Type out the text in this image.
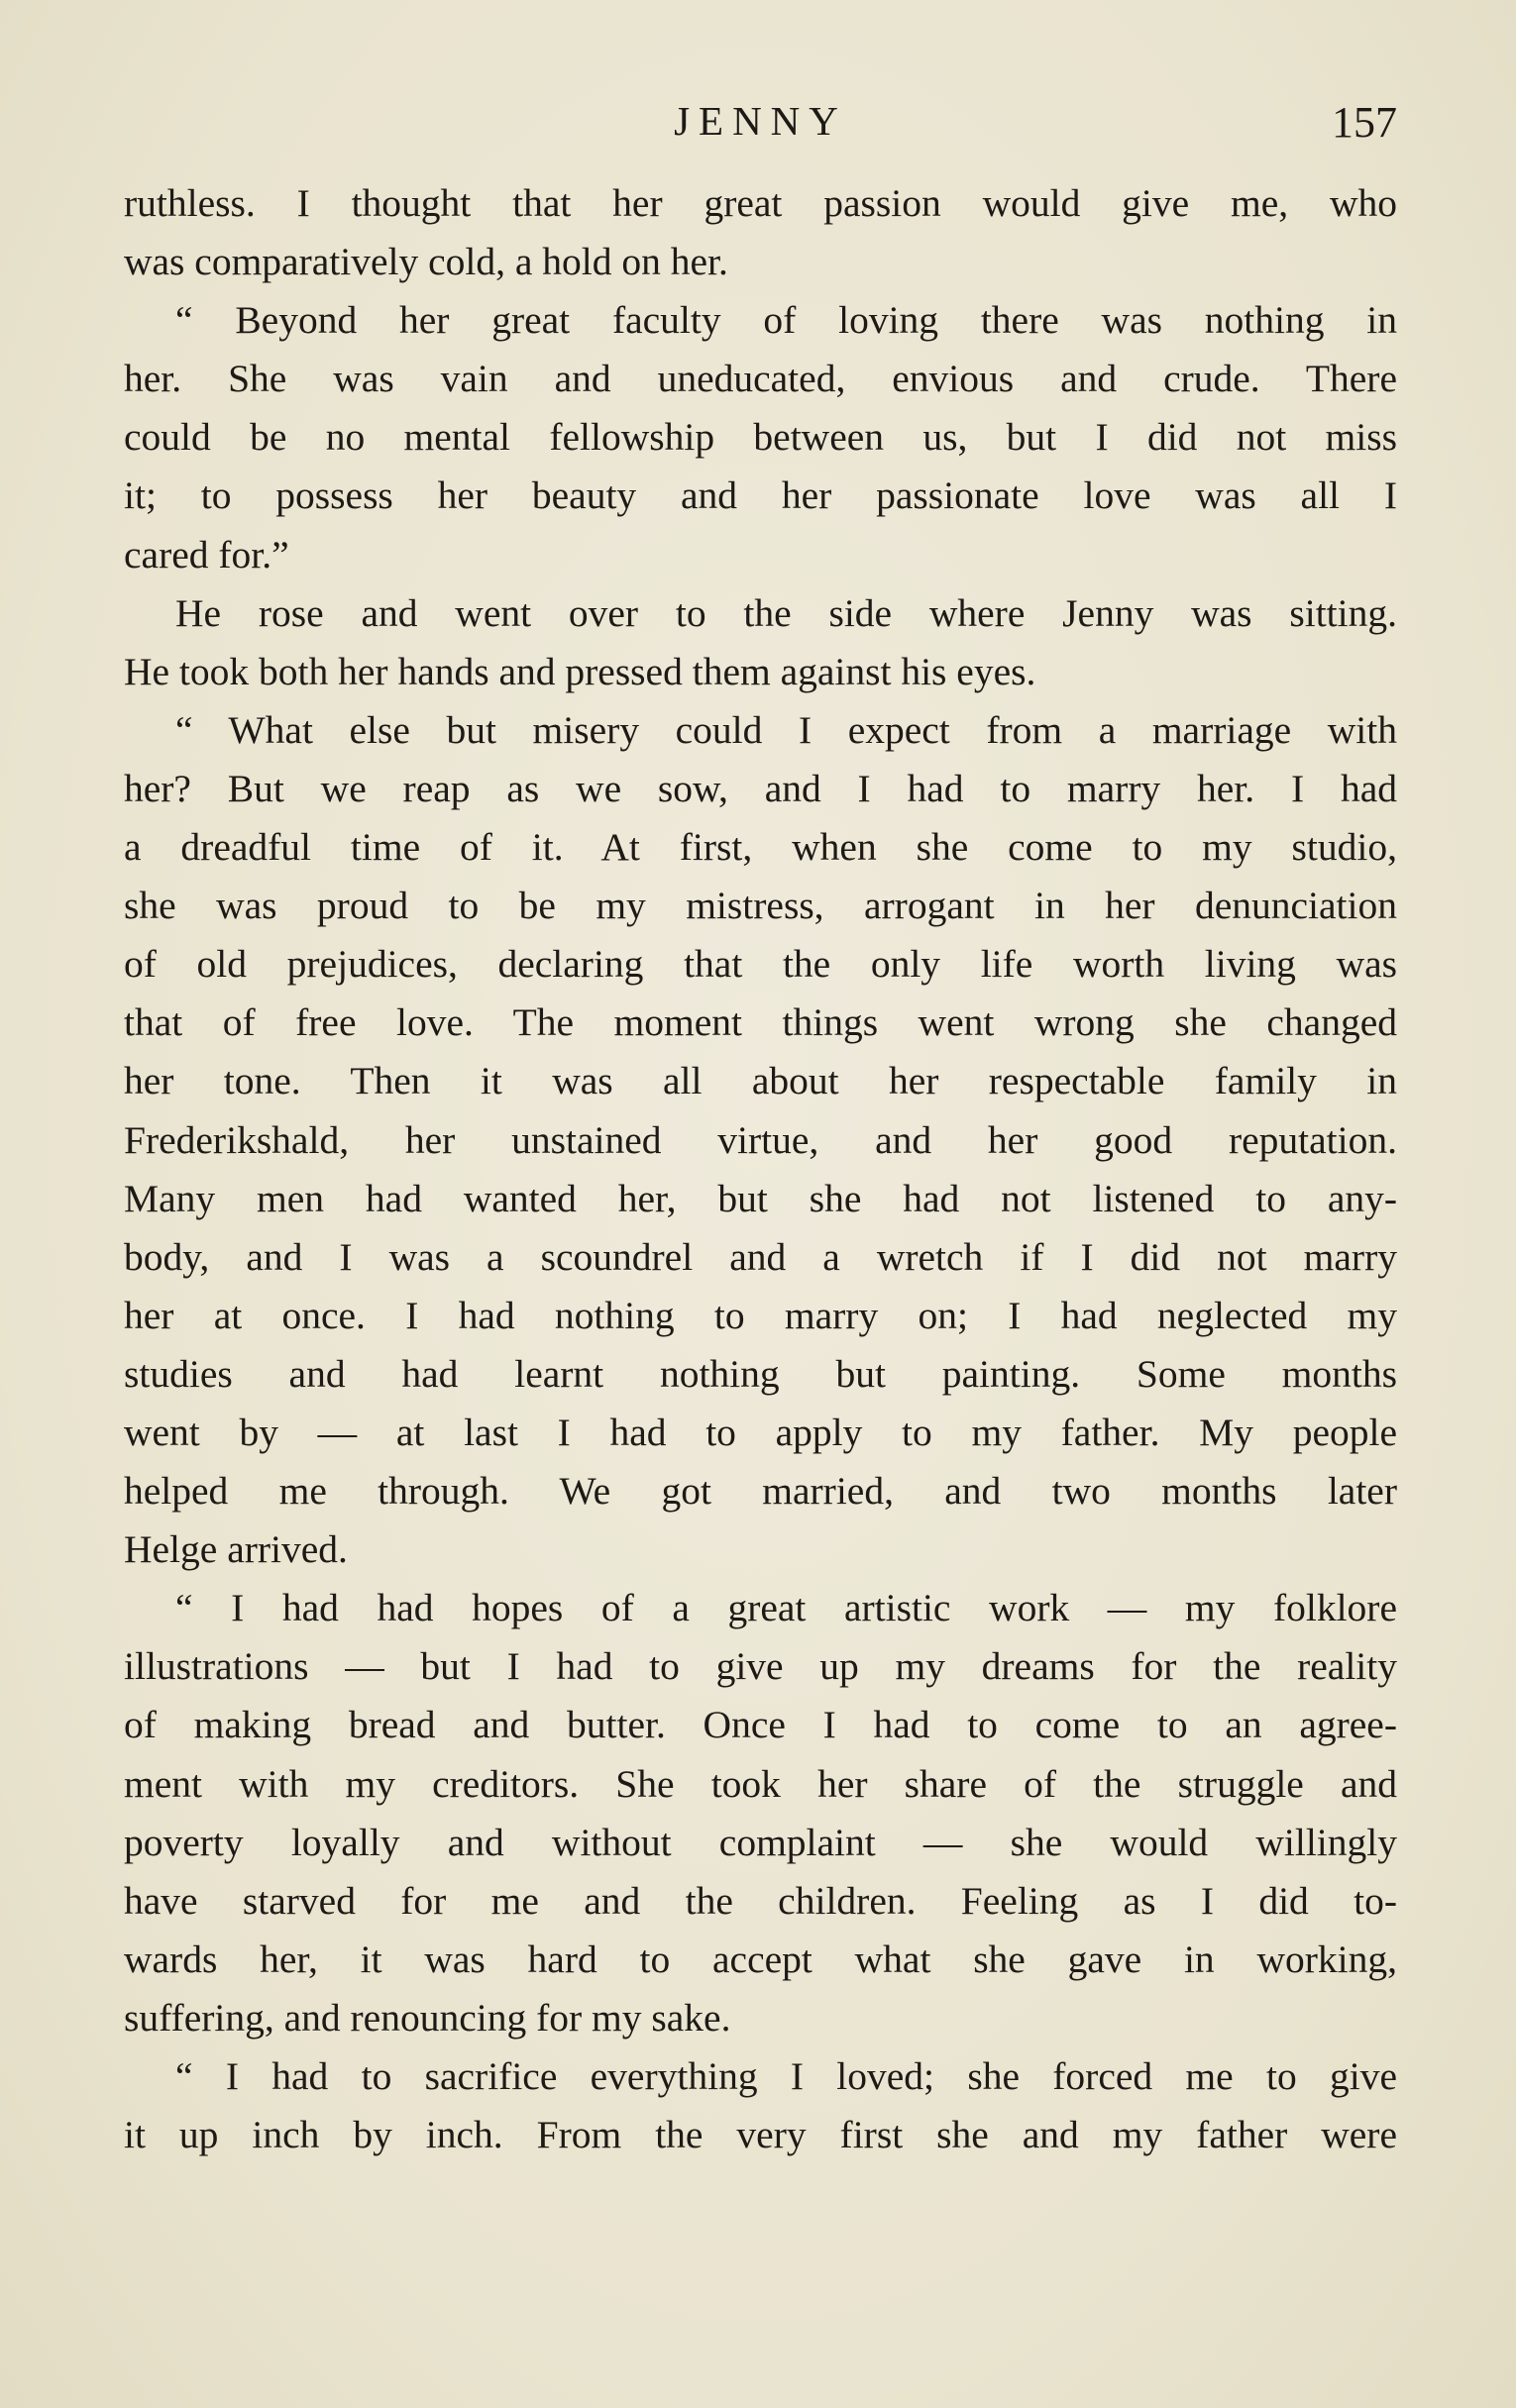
JENNY	157
ruthless. I thought that her great passion would give me, who
was comparatively cold, a hold on her.
“ Beyond her great faculty of loving there was nothing in
her. She was vain and uneducated, envious and crude. There
could be no mental fellowship between us, but I did not miss
it; to possess her beauty and her passionate love was all I
cared for.”
He rose and went over to the side where Jenny was sitting.
He took both her hands and pressed them against his eyes.
“ What else but misery could I expect from a marriage with
her? But we reap as we sow, and I had to marry her. I had
a dreadful time of it. At first, when she come to my studio,
she was proud to be my mistress, arrogant in her denunciation
of old prejudices, declaring that the only life worth living was
that of free love. The moment things went wrong she changed
her tone. Then it was all about her respectable family in
Frederikshald, her unstained virtue, and her good reputation.
Many men had wanted her, but she had not listened to any-
body, and I was a scoundrel and a wretch if I did not marry
her at once. I had nothing to marry on; I had neglected my
studies and had learnt nothing but painting. Some months
went by — at last I had to apply to my father. My people
helped me through. We got married, and two months later
Helge arrived.
“ I had had hopes of a great artistic work — my folklore
illustrations — but I had to give up my dreams for the reality
of making bread and butter. Once I had to come to an agree-
ment with my creditors. She took her share of the struggle and
poverty loyally and without complaint — she would willingly
have starved for me and the children. Feeling as I did to-
wards her, it was hard to accept what she gave in working,
suffering, and renouncing for my sake.
“ I had to sacrifice everything I loved; she forced me to give
it up inch by inch. From the very first she and my father were
